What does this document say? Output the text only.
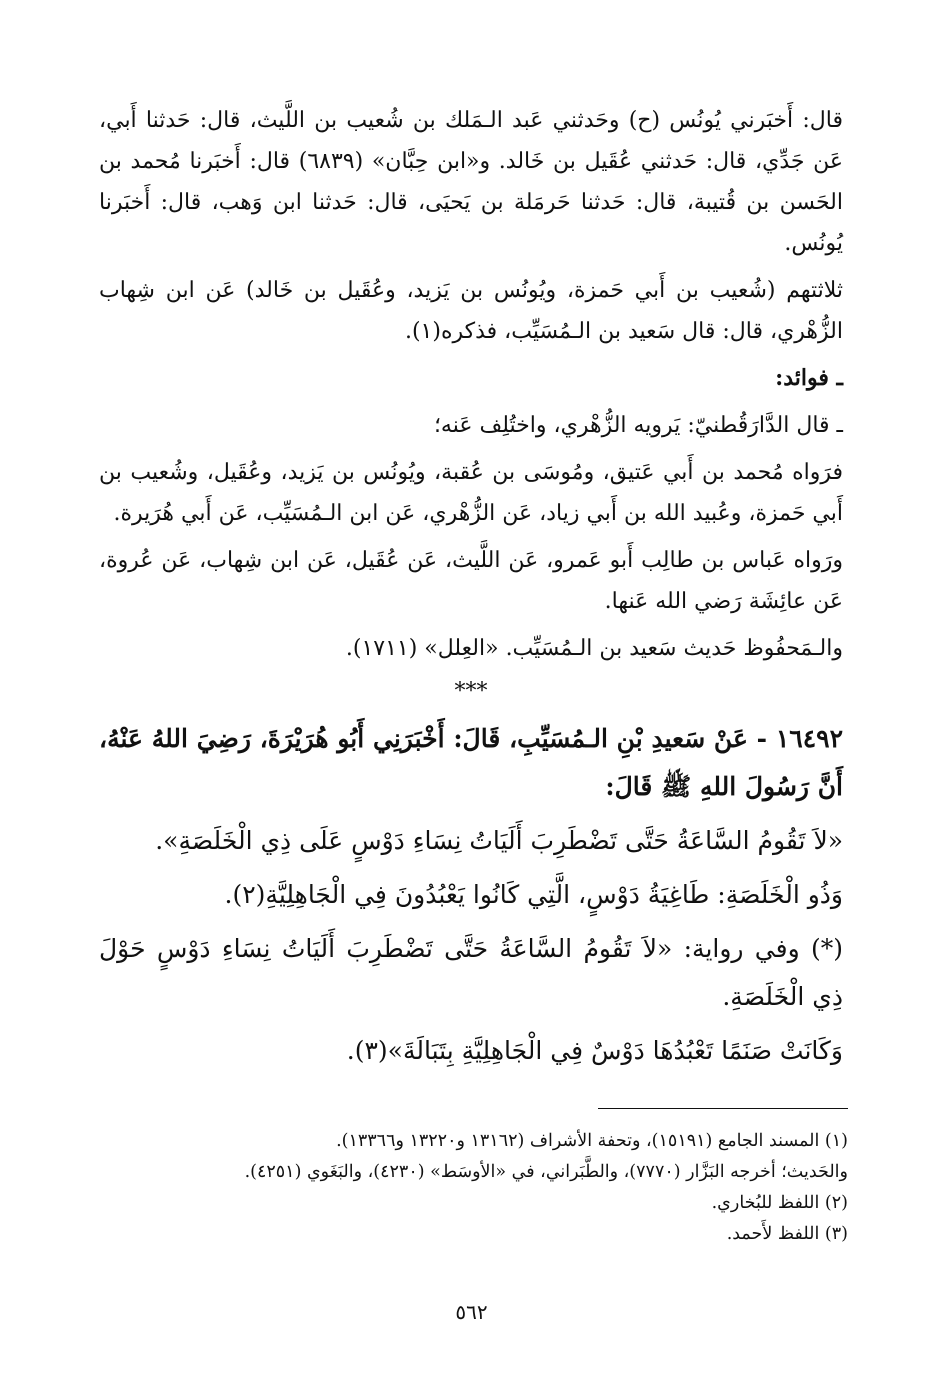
قال: أَخبَرني يُونُس (ح) وحَدثني عَبد الـمَلك بن شُعيب بن اللَّيث، قال: حَدثنا أَبي، عَن جَدِّي، قال: حَدثني عُقَيل بن خَالد. و«ابن حِبَّان» (٦٨٣٩) قال: أَخبَرنا مُحمد بن الحَسن بن قُتيبة، قال: حَدثنا حَرمَلة بن يَحيَى، قال: حَدثنا ابن وَهب، قال: أَخبَرنا يُونُس.

ثلاثتهم (شُعيب بن أَبي حَمزة، ويُونُس بن يَزيد، وعُقَيل بن خَالد) عَن ابن شِهاب الزُّهْري، قال: قال سَعيد بن الـمُسَيِّب، فذكره(١).

ـ فوائد:

ـ قال الدَّارَقُطنيّ: يَرويه الزُّهْري، واختُلِف عَنه؛

فرَواه مُحمد بن أَبي عَتيق، ومُوسَى بن عُقبة، ويُونُس بن يَزيد، وعُقَيل، وشُعيب بن أَبي حَمزة، وعُبيد الله بن أَبي زياد، عَن الزُّهْري، عَن ابن الـمُسَيِّب، عَن أَبي هُرَيرة.

ورَواه عَباس بن طالِب أَبو عَمرو، عَن اللَّيث، عَن عُقَيل، عَن ابن شِهاب، عَن عُروة، عَن عائِشَة رَضي الله عَنها.

والـمَحفُوظ حَديث سَعيد بن الـمُسَيِّب. «العِلل» (١٧١١).

***

١٦٤٩٢ - عَنْ سَعيدِ بْنِ الـمُسَيِّبِ، قَالَ: أَخْبَرَنِي أَبُو هُرَيْرَةَ، رَضِيَ اللهُ عَنْهُ، أَنَّ رَسُولَ اللهِ ﷺ قَالَ:

«لاَ تَقُومُ السَّاعَةُ حَتَّى تَضْطَرِبَ أَلَيَاتُ نِسَاءِ دَوْسٍ عَلَى ذِي الْخَلَصَةِ».

وَذُو الْخَلَصَةِ: طَاغِيَةُ دَوْسٍ، الَّتِي كَانُوا يَعْبُدُونَ فِي الْجَاهِلِيَّةِ(٢).

(*) وفي رواية: «لاَ تَقُومُ السَّاعَةُ حَتَّى تَضْطَرِبَ أَلَيَاتُ نِسَاءِ دَوْسٍ حَوْلَ ذِي الْخَلَصَةِ.

وَكَانَتْ صَنَمًا تَعْبُدُهَا دَوْسٌ فِي الْجَاهِلِيَّةِ بِتَبَالَةَ»(٣).

(١) المسند الجامع (١٥١٩١)، وتحفة الأشراف (١٣١٦٢ و١٣٢٢٠ و١٣٣٦٦).

والحَديث؛ أخرجه البَزَّار (٧٧٧٠)، والطَّبَراني، في «الأوسَط» (٤٢٣٠)، والبَغَوي (٤٢٥١).

(٢) اللفظ للبُخاري.

(٣) اللفظ لأَحمد.

٥٦٢
